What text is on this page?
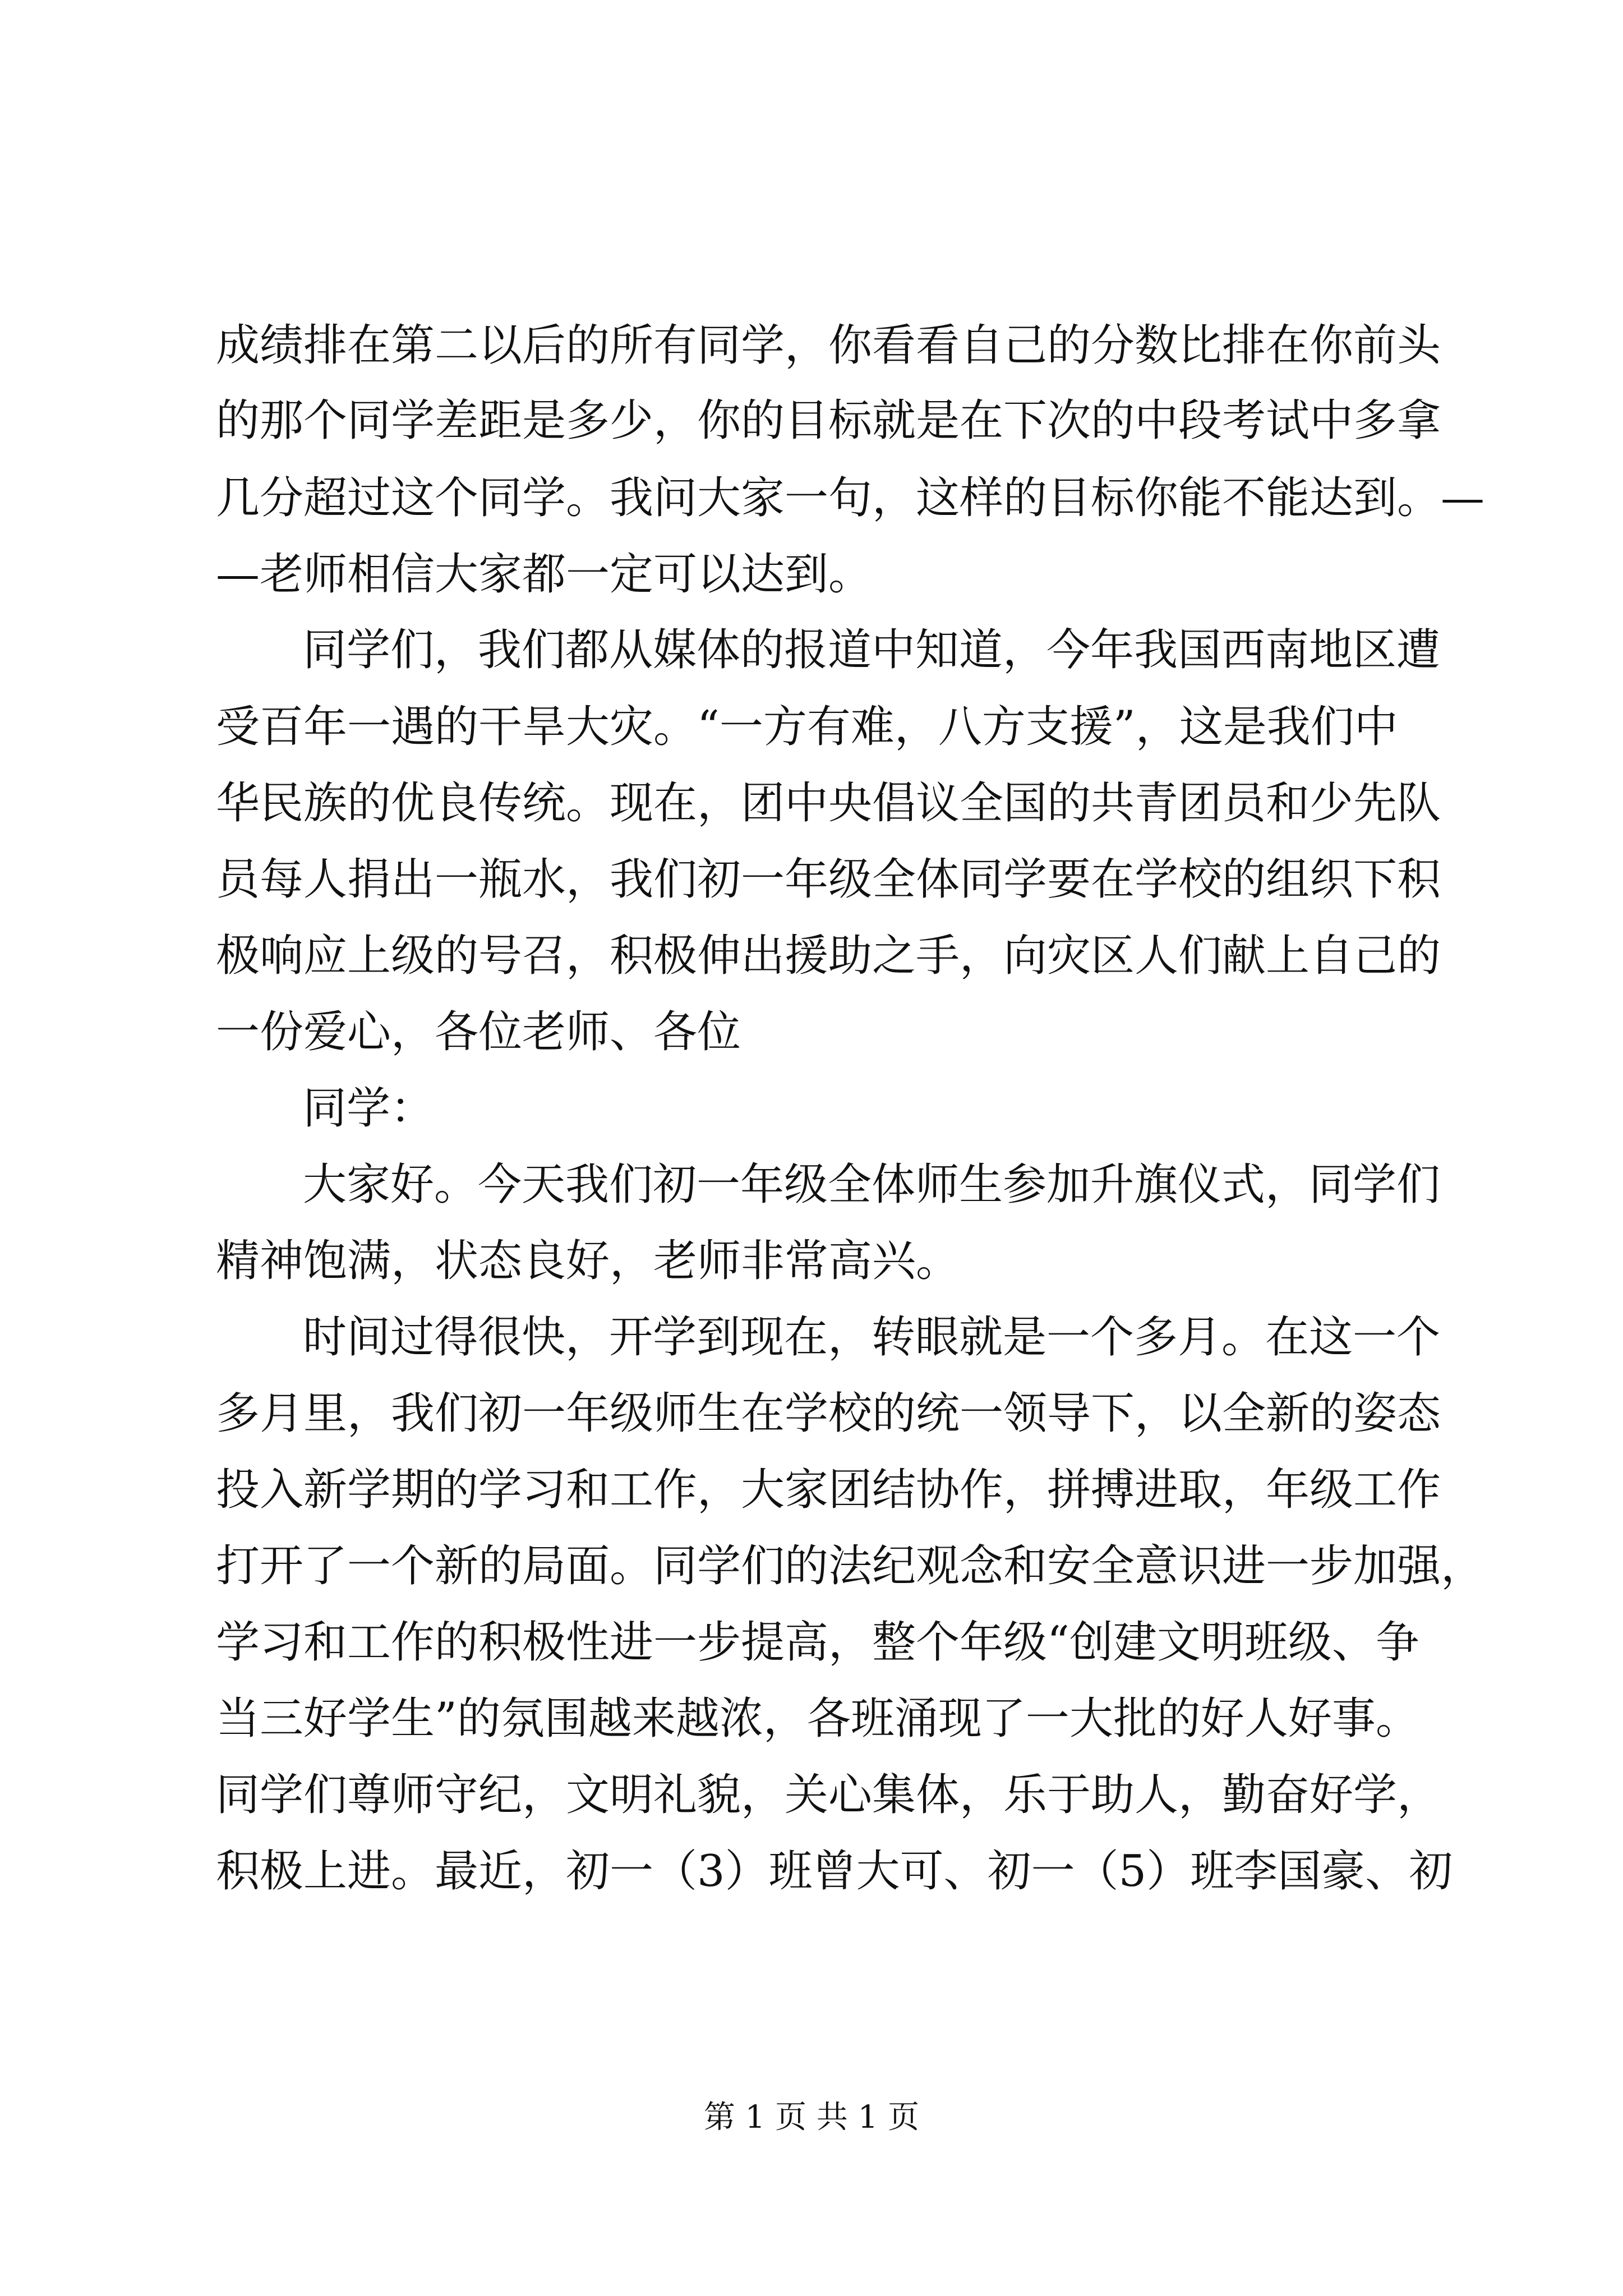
成绩排在第二以后的所有同学，你看看自己的分数比排在你前头
的那个同学差距是多少，你的目标就是在下次的中段考试中多拿
几分超过这个同学。我问大家一句，这样的目标你能不能达到。—
—老师相信大家都一定可以达到。
同学们，我们都从媒体的报道中知道，今年我国西南地区遭
受百年一遇的干旱大灾。“一方有难，八方支援”，这是我们中
华民族的优良传统。现在，团中央倡议全国的共青团员和少先队
员每人捐出一瓶水，我们初一年级全体同学要在学校的组织下积
极响应上级的号召，积极伸出援助之手，向灾区人们献上自己的
一份爱心，各位老师、各位
同学：
大家好。今天我们初一年级全体师生参加升旗仪式，同学们
精神饱满，状态良好，老师非常高兴。
时间过得很快，开学到现在，转眼就是一个多月。在这一个
多月里，我们初一年级师生在学校的统一领导下，以全新的姿态
投入新学期的学习和工作，大家团结协作，拼搏进取，年级工作
打开了一个新的局面。同学们的法纪观念和安全意识进一步加强，
学习和工作的积极性进一步提高，整个年级“创建文明班级、争
当三好学生”的氛围越来越浓，各班涌现了一大批的好人好事。
同学们尊师守纪，文明礼貌，关心集体，乐于助人，勤奋好学，
积极上进。最近，初一（3）班曾大可、初一（5）班李国豪、初
第 1 页 共 1 页
